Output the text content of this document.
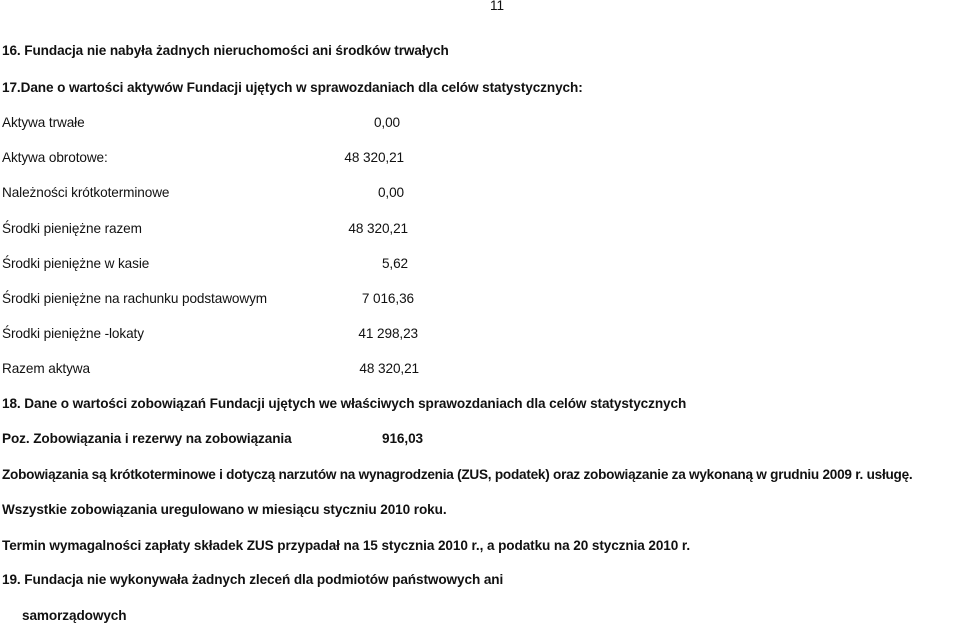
11
16. Fundacja nie nabyła żadnych nieruchomości ani środków trwałych
17.Dane o wartości aktywów Fundacji ujętych w sprawozdaniach dla celów statystycznych:
Aktywa trwałe	0,00
Aktywa obrotowe:	48 320,21
Należności krótkoterminowe	0,00
Środki pieniężne razem	48 320,21
Środki pieniężne w kasie	5,62
Środki pieniężne na rachunku podstawowym	7 016,36
Środki pieniężne -lokaty	41 298,23
Razem aktywa	48 320,21
18. Dane o wartości zobowiązań Fundacji ujętych we właściwych sprawozdaniach dla celów statystycznych
Poz. Zobowiązania i rezerwy na zobowiązania	916,03
Zobowiązania są krótkoterminowe i dotyczą narzutów na wynagrodzenia (ZUS, podatek) oraz zobowiązanie za wykonaną w grudniu 2009 r. usługę.
Wszystkie zobowiązania uregulowano w miesiącu styczniu 2010 roku.
Termin wymagalności zapłaty składek ZUS przypadał na 15 stycznia 2010 r., a podatku na 20 stycznia 2010 r.
19. Fundacja nie wykonywała żadnych zleceń dla podmiotów państwowych ani
samorządowych
